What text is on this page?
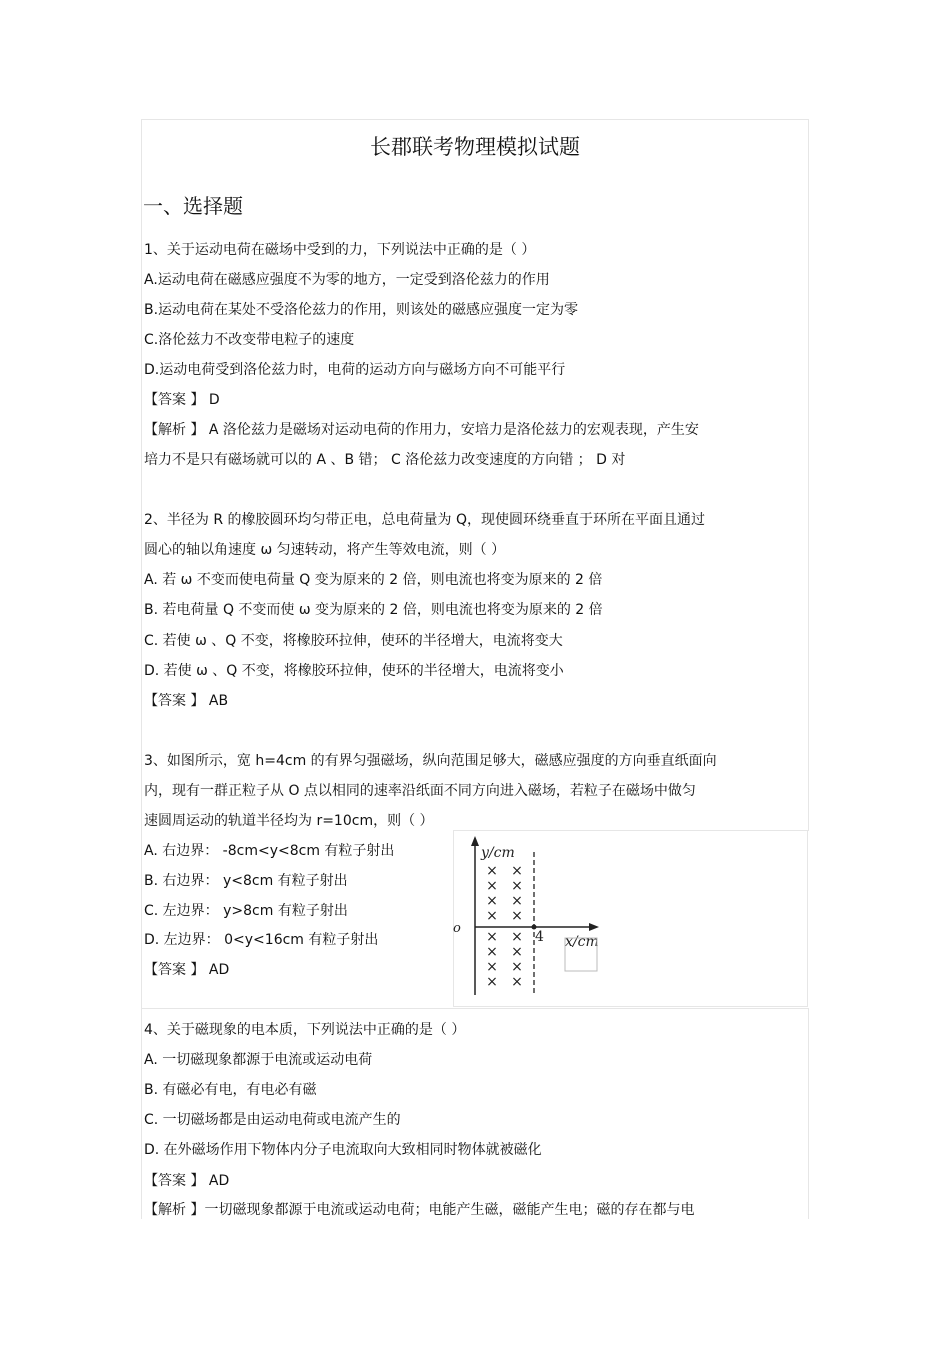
长郡联考物理模拟试题
一、选择题
1、关于运动电荷在磁场中受到的力，下列说法中正确的是（ ）
A.运动电荷在磁感应强度不为零的地方，一定受到洛伦兹力的作用
B.运动电荷在某处不受洛伦兹力的作用，则该处的磁感应强度一定为零
C.洛伦兹力不改变带电粒子的速度
D.运动电荷受到洛伦兹力时，电荷的运动方向与磁场方向不可能平行
【答案 】 D
【解析 】 A 洛伦兹力是磁场对运动电荷的作用力，安培力是洛伦兹力的宏观表现，产生安
培力不是只有磁场就可以的 A 、B 错； C 洛伦兹力改变速度的方向错 ； D 对
2、半径为 R 的橡胶圆环均匀带正电，总电荷量为 Q，现使圆环绕垂直于环所在平面且通过
圆心的轴以角速度 ω 匀速转动，将产生等效电流，则（ ）
A. 若 ω 不变而使电荷量 Q 变为原来的 2 倍，则电流也将变为原来的 2 倍
B. 若电荷量 Q 不变而使 ω 变为原来的 2 倍，则电流也将变为原来的 2 倍
C. 若使 ω 、Q 不变，将橡胶环拉伸，使环的半径增大，电流将变大
D. 若使 ω 、Q 不变，将橡胶环拉伸，使环的半径增大，电流将变小
【答案 】 AB
3、如图所示，宽 h=4cm 的有界匀强磁场，纵向范围足够大，磁感应强度的方向垂直纸面向
内，现有一群正粒子从 O 点以相同的速率沿纸面不同方向进入磁场，若粒子在磁场中做匀
速圆周运动的轨道半径均为 r=10cm，则（ ）
A. 右边界： -8cm<y<8cm 有粒子射出
B. 右边界： y<8cm 有粒子射出
C. 左边界： y>8cm 有粒子射出
D. 左边界： 0<y<16cm 有粒子射出
【答案 】 AD
y/cm
x/cm
o
4
×
×
×
×
×
×
×
×
×
×
×
×
×
×
×
×
4、关于磁现象的电本质，下列说法中正确的是（ ）
A. 一切磁现象都源于电流或运动电荷
B. 有磁必有电，有电必有磁
C. 一切磁场都是由运动电荷或电流产生的
D. 在外磁场作用下物体内分子电流取向大致相同时物体就被磁化
【答案 】 AD
【解析 】一切磁现象都源于电流或运动电荷；电能产生磁，磁能产生电；磁的存在都与电
